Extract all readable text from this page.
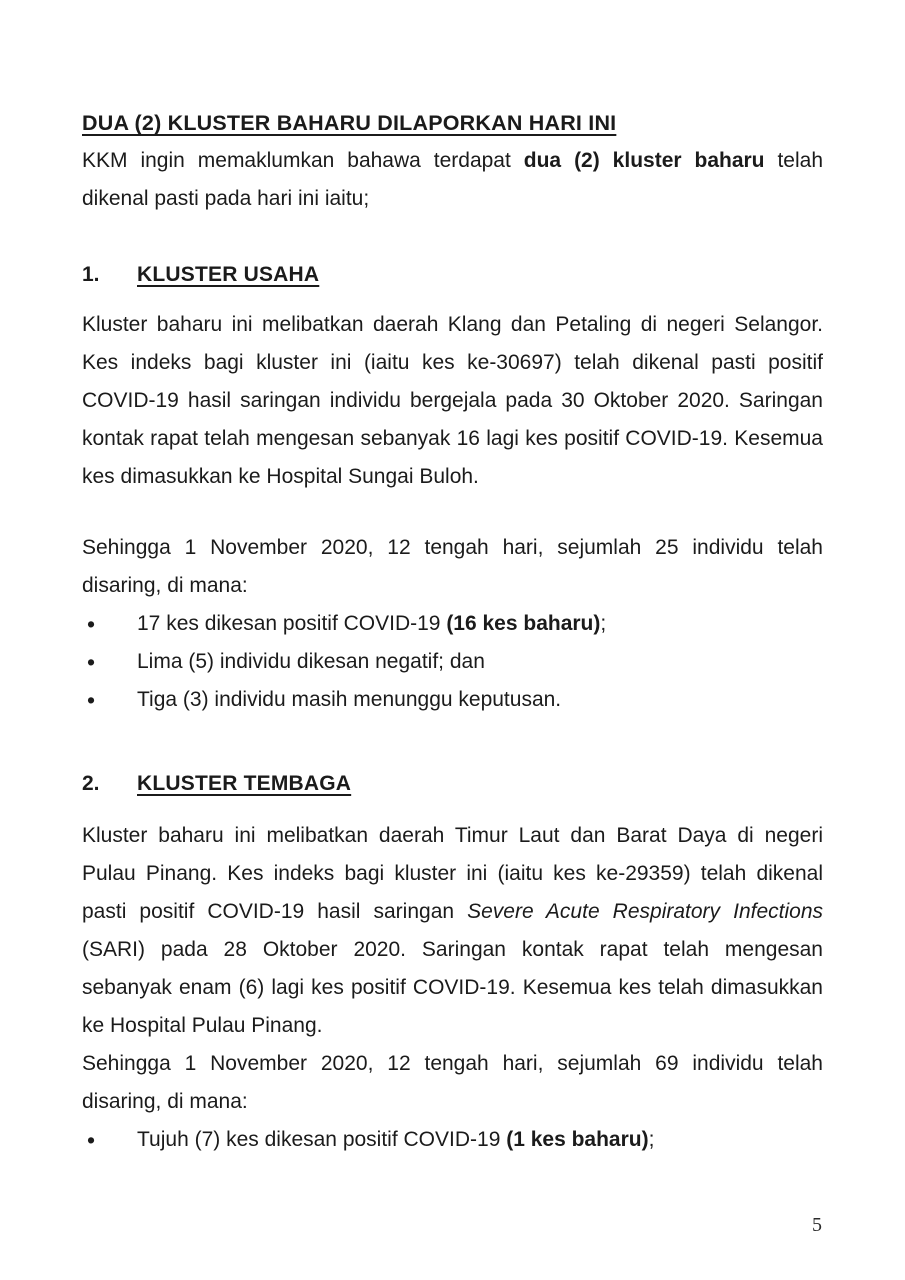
DUA (2) KLUSTER BAHARU DILAPORKAN HARI INI

KKM ingin memaklumkan bahawa terdapat dua (2) kluster baharu telah dikenal pasti pada hari ini iaitu;

1.	KLUSTER USAHA

Kluster baharu ini melibatkan daerah Klang dan Petaling di negeri Selangor. Kes indeks bagi kluster ini (iaitu kes ke-30697) telah dikenal pasti positif COVID-19 hasil saringan individu bergejala pada 30 Oktober 2020. Saringan kontak rapat telah mengesan sebanyak 16 lagi kes positif COVID-19. Kesemua kes dimasukkan ke Hospital Sungai Buloh.

Sehingga 1 November 2020, 12 tengah hari, sejumlah 25 individu telah disaring, di mana:

•	17 kes dikesan positif COVID-19 (16 kes baharu);
•	Lima (5) individu dikesan negatif; dan
•	Tiga (3) individu masih menunggu keputusan.
2.	KLUSTER TEMBAGA

Kluster baharu ini melibatkan daerah Timur Laut dan Barat Daya di negeri Pulau Pinang. Kes indeks bagi kluster ini (iaitu kes ke-29359) telah dikenal pasti positif COVID-19 hasil saringan Severe Acute Respiratory Infections (SARI) pada 28 Oktober 2020. Saringan kontak rapat telah mengesan sebanyak enam (6) lagi kes positif COVID-19. Kesemua kes telah dimasukkan ke Hospital Pulau Pinang.

Sehingga 1 November 2020, 12 tengah hari, sejumlah 69 individu telah disaring, di mana:

•	Tujuh (7) kes dikesan positif COVID-19 (1 kes baharu);
5
